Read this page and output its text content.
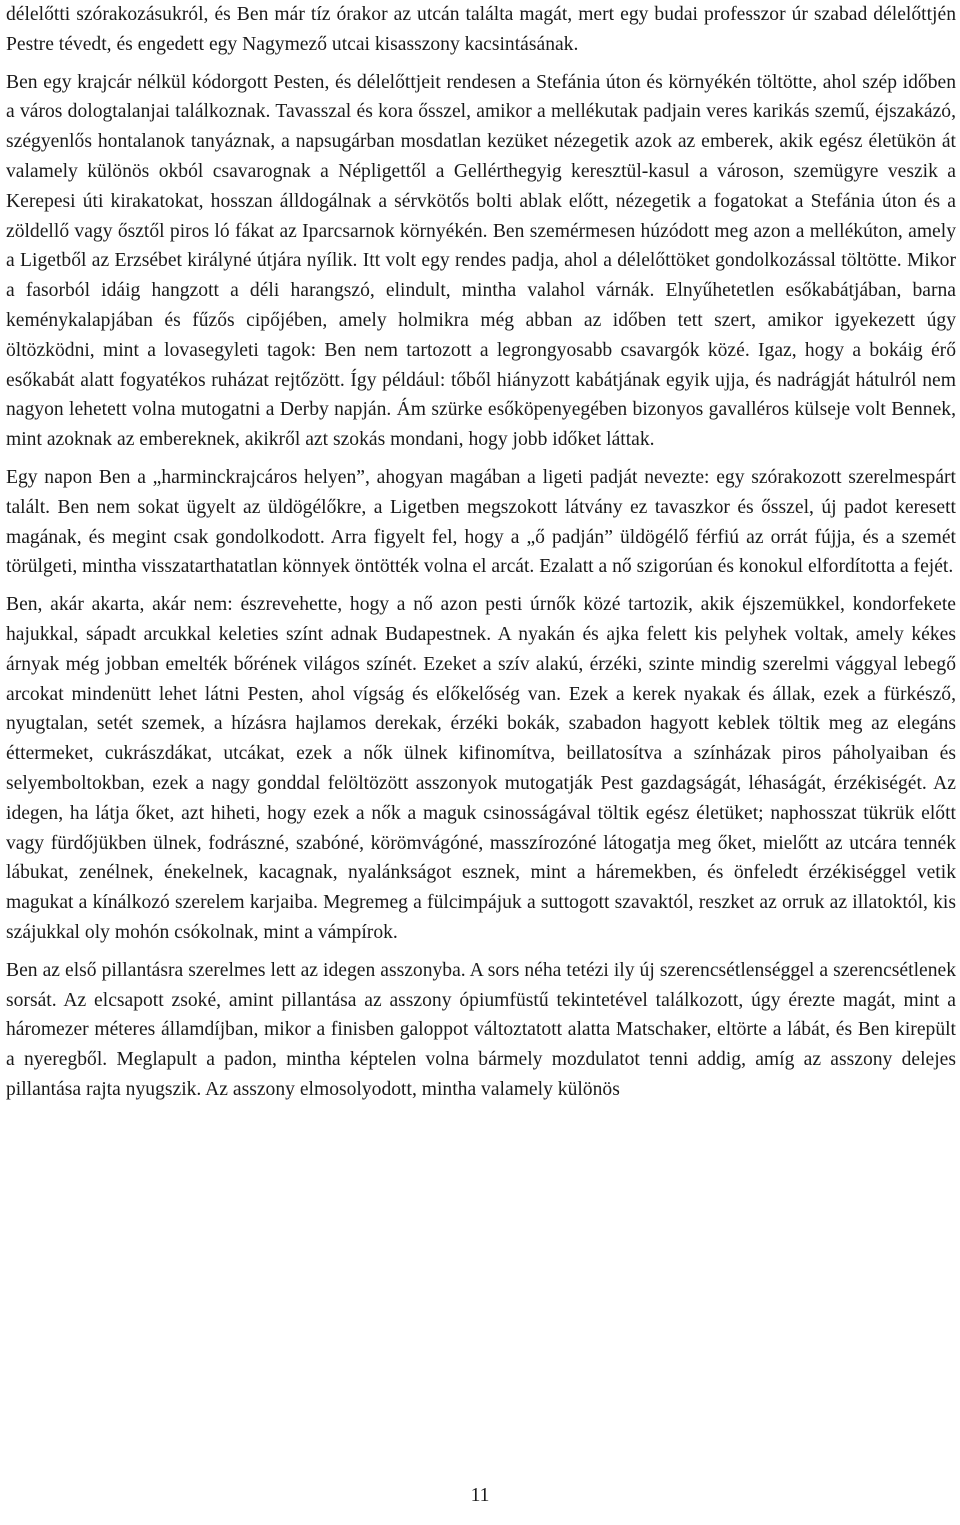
délelőtti szórakozásukról, és Ben már tíz órakor az utcán találta magát, mert egy budai professzor úr szabad délelőttjén Pestre tévedt, és engedett egy Nagymező utcai kisasszony kacsintásának.

Ben egy krajcár nélkül kódorgott Pesten, és délelőttjeit rendesen a Stefánia úton és környékén töltötte, ahol szép időben a város dologtalanjai találkoznak. Tavasszal és kora ősszel, amikor a mellékutak padjain veres karikás szemű, éjszakázó, szégyenlős hontalanok tanyáznak, a napsugárban mosdatlan kezüket nézegetik azok az emberek, akik egész életükön át valamely különös okból csavarognak a Népligettől a Gellérthegyig keresztül-kasul a városon, szemügyre veszik a Kerepesi úti kirakatokat, hosszan álldogálnak a sérvkötős bolti ablak előtt, nézegetik a fogatokat a Stefánia úton és a zöldellő vagy ősztől piros ló fákat az Iparcsarnok környékén. Ben szemérmesen húzódott meg azon a mellékúton, amely a Ligetből az Erzsébet királyné útjára nyílik. Itt volt egy rendes padja, ahol a délelőttöket gondolkozással töltötte. Mikor a fasorból idáig hangzott a déli harangszó, elindult, mintha valahol várnák. Elnyűhetetlen esőkabátjában, barna keménykalapjában és fűzős cipőjében, amely holmikra még abban az időben tett szert, amikor igyekezett úgy öltözködni, mint a lovasegyleti tagok: Ben nem tartozott a legrongyosabb csavargók közé. Igaz, hogy a bokáig érő esőkabát alatt fogyatékos ruházat rejtőzött. Így például: tőből hiányzott kabátjának egyik ujja, és nadrágját hátulról nem nagyon lehetett volna mutogatni a Derby napján. Ám szürke esőköpenyegében bizonyos gavalléros külseje volt Bennek, mint azoknak az embereknek, akikről azt szokás mondani, hogy jobb időket láttak.

Egy napon Ben a „harminckrajcáros helyen”, ahogyan magában a ligeti padját nevezte: egy szórakozott szerelmespárt talált. Ben nem sokat ügyelt az üldögélőkre, a Ligetben megszokott látvány ez tavaszkor és ősszel, új padot keresett magának, és megint csak gondolkodott. Arra figyelt fel, hogy a „ő padján” üldögélő férfiú az orrát fújja, és a szemét törülgeti, mintha visszatarthatatlan könnyek öntötték volna el arcát. Ezalatt a nő szigorúan és konokul elfordította a fejét.

Ben, akár akarta, akár nem: észrevehette, hogy a nő azon pesti úrnők közé tartozik, akik éjszemükkel, kondorfekete hajukkal, sápadt arcukkal keleties színt adnak Budapestnek. A nyakán és ajka felett kis pelyhek voltak, amely kékes árnyak még jobban emelték bőrének világos színét. Ezeket a szív alakú, érzéki, szinte mindig szerelmi vággyal lebegő arcokat mindenütt lehet látni Pesten, ahol vígság és előkelőség van. Ezek a kerek nyakak és állak, ezek a fürkésző, nyugtalan, setét szemek, a hízásra hajlamos derekak, érzéki bokák, szabadon hagyott keblek töltik meg az elegáns éttermeket, cukrászdákat, utcákat, ezek a nők ülnek kifinomítva, beillatosítva a színházak piros páholyaiban és selyemboltokban, ezek a nagy gonddal felöltözött asszonyok mutogatják Pest gazdagságát, léhaságát, érzékiségét. Az idegen, ha látja őket, azt hiheti, hogy ezek a nők a maguk csinosságával töltik egész életüket; naphosszat tükrük előtt vagy fürdőjükben ülnek, fodrászné, szabóné, körömvágóné, masszírozóné látogatja meg őket, mielőtt az utcára tennék lábukat, zenélnek, énekelnek, kacagnak, nyalánkságot esznek, mint a háremekben, és önfeledt érzékiséggel vetik magukat a kínálkozó szerelem karjaiba. Megremeg a fülcimpájuk a suttogott szavaktól, reszket az orruk az illatoktól, kis szájukkal oly mohón csókolnak, mint a vámpírok.

Ben az első pillantásra szerelmes lett az idegen asszonyba. A sors néha tetézi ily új szerencsétlenséggel a szerencsétlenek sorsát. Az elcsapott zsoké, amint pillantása az asszony ópiumfüstű tekintetével találkozott, úgy érezte magát, mint a háromezer méteres államdíjban, mikor a finisben galoppot változtatott alatta Matschaker, eltörte a lábát, és Ben kirepült a nyeregből. Meglapult a padon, mintha képtelen volna bármely mozdulatot tenni addig, amíg az asszony delejes pillantása rajta nyugszik. Az asszony elmosolyodott, mintha valamely különös

11
